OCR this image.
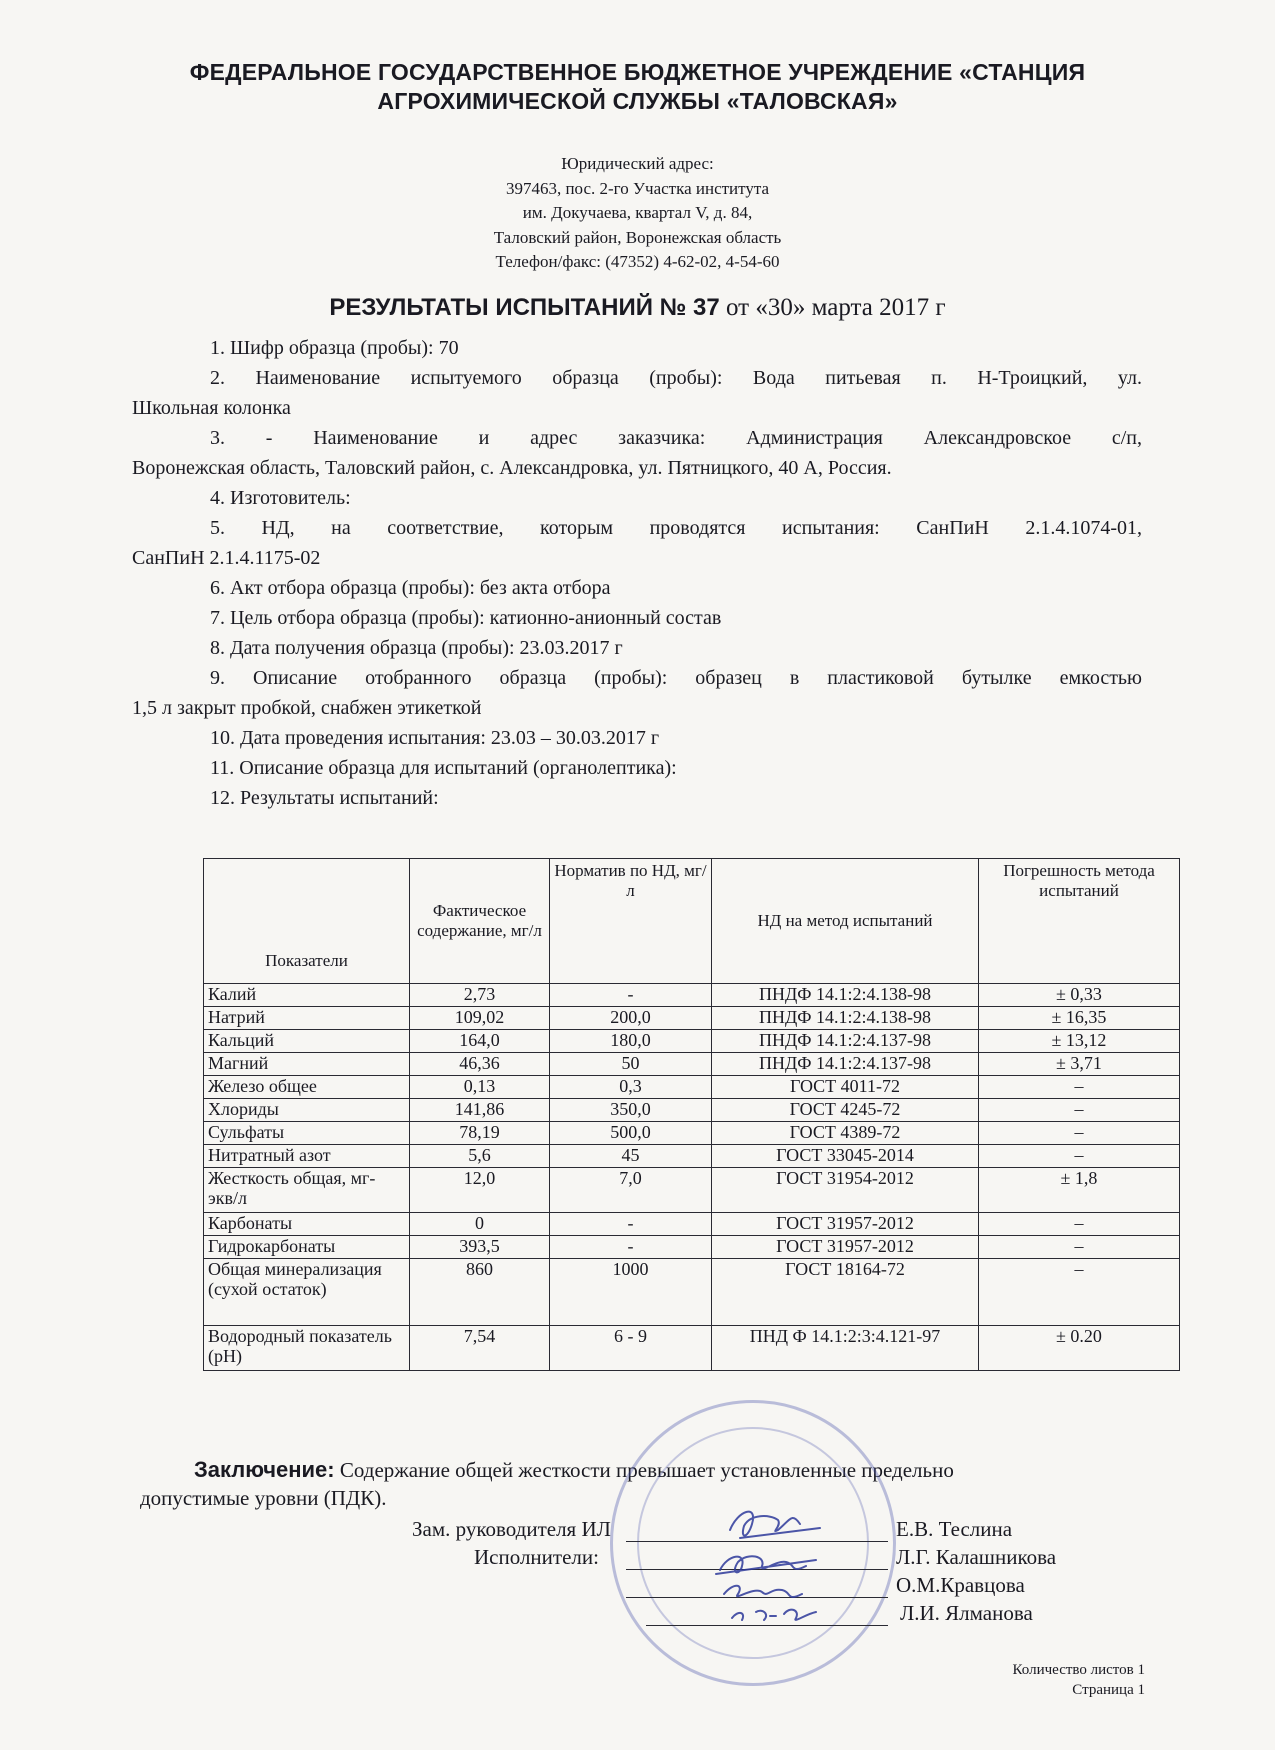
ФЕДЕРАЛЬНОЕ ГОСУДАРСТВЕННОЕ БЮДЖЕТНОЕ УЧРЕЖДЕНИЕ «СТАНЦИЯ
АГРОХИМИЧЕСКОЙ СЛУЖБЫ «ТАЛОВСКАЯ»
Юридический адрес:
397463, пос. 2-го Участка института
им. Докучаева, квартал V, д. 84,
Таловский район, Воронежская область
Телефон/факс: (47352) 4-62-02, 4-54-60
РЕЗУЛЬТАТЫ ИСПЫТАНИЙ № 37 от «30» марта 2017 г

1. Шифр образца (пробы): 70

2. Наименование испытуемого образца (пробы): Вода питьевая п. Н-Троицкий, ул.
Школьная колонка

3. - Наименование и адрес заказчика: Администрация Александровское с/п,
Воронежская область, Таловский район, с. Александровка, ул. Пятницкого, 40 А, Россия.

4. Изготовитель:

5. НД, на соответствие, которым проводятся испытания: СанПиН 2.1.4.1074-01,
СанПиН 2.1.4.1175-02

6. Акт отбора образца (пробы): без акта отбора

7. Цель отбора образца (пробы): катионно-анионный состав

8. Дата получения образца (пробы): 23.03.2017 г

9. Описание отобранного образца (пробы): образец в пластиковой бутылке емкостью
1,5 л закрыт пробкой, снабжен этикеткой

10. Дата проведения испытания: 23.03 – 30.03.2017 г

11. Описание образца для испытаний (органолептика):

12. Результаты испытаний:

Показатели	Фактическое содержание, мг/л	Норматив по НД, мг/л	НД на метод испытаний	Погрешность метода испытаний
Калий	2,73	-	ПНДФ 14.1:2:4.138-98	± 0,33
Натрий	109,02	200,0	ПНДФ 14.1:2:4.138-98	± 16,35
Кальций	164,0	180,0	ПНДФ 14.1:2:4.137-98	± 13,12
Магний	46,36	50	ПНДФ 14.1:2:4.137-98	± 3,71
Железо общее	0,13	0,3	ГОСТ 4011-72	–
Хлориды	141,86	350,0	ГОСТ 4245-72	–
Сульфаты	78,19	500,0	ГОСТ 4389-72	–
Нитратный азот	5,6	45	ГОСТ 33045-2014	–
Жесткость общая, мг-экв/л	12,0	7,0	ГОСТ 31954-2012	± 1,8
Карбонаты	0	-	ГОСТ 31957-2012	–
Гидрокарбонаты	393,5	-	ГОСТ 31957-2012	–
Общая минерализация (сухой остаток)	860	1000	ГОСТ 18164-72	–
Водородный показатель (рН)	7,54	6 - 9	ПНД Ф 14.1:2:3:4.121-97	± 0.20
Заключение: Содержание общей жесткости превышает установленные предельно
допустимые уровни (ПДК).
Зам. руководителя ИЛ	Е.В. Теслина
Исполнители:	Л.Г. Калашникова
О.М.Кравцова
Л.И. Ялманова
Количество листов 1
Страница 1
